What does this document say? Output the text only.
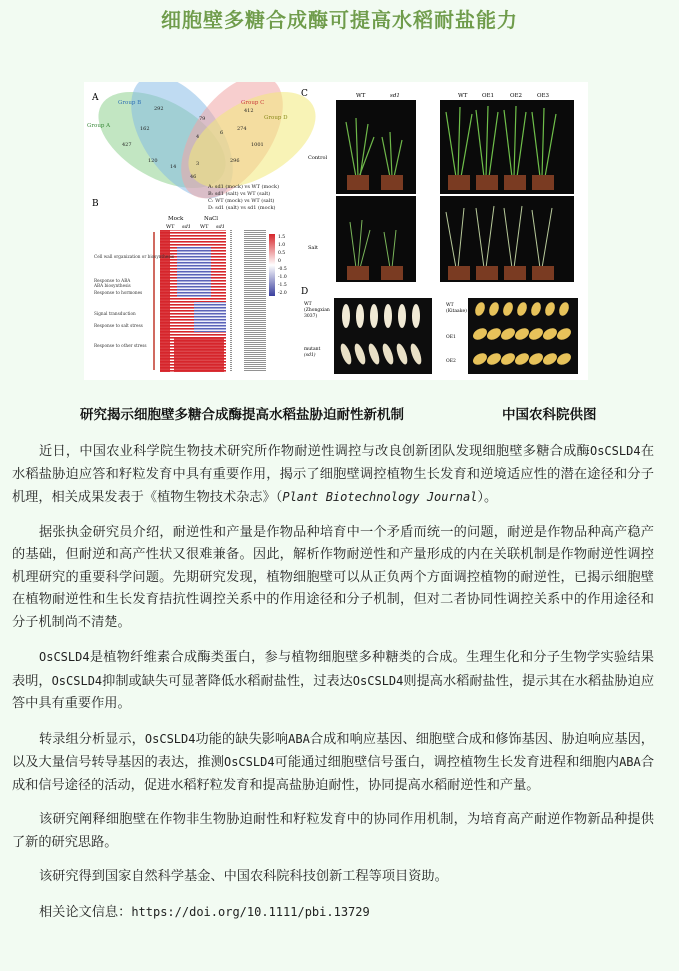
细胞壁多糖合成酶可提高水稻耐盐能力
A
Group A
Group B	Group C
Group D
292	412
162
79
274
427
6
1001
120
4
14	3	296
46
A: sd1 (mock) vs WT (mock)
B: sd1 (salt) vs WT (salt)
C: WT (mock) vs WT (salt)
D: sd1 (salt) vs sd1 (mock)
B
Mock	NaCl
WT sd1 WT sd1
Cell wall organization or biosynthesis
Response to ABA
ABA biosynthesis
Response to hormones
Signal transduction
Response to salt stress
Response to other stress
1.5
1.0
0.5
0
-0.5
-1.0
-1.5
-2.0
C	WT	sd1	WT	OE1	OE2	OE3
Control
Salt
D
WT
(Zhongxian
3037)
mutant
(sd1)
WT
(Kitaake)
OE1
OE2
研究揭示细胞壁多糖合成酶提高水稻盐胁迫耐性新机制	中国农科院供图

近日，中国农业科学院生物技术研究所作物耐逆性调控与改良创新团队发现细胞壁多糖合成酶OsCSLD4在水稻盐胁迫应答和籽粒发育中具有重要作用，揭示了细胞壁调控植物生长发育和逆境适应性的潜在途径和分子机理，相关成果发表于《植物生物技术杂志》（Plant Biotechnology Journal）。

据张执金研究员介绍，耐逆性和产量是作物品种培育中一个矛盾而统一的问题，耐逆是作物品种高产稳产的基础，但耐逆和高产性状又很难兼备。因此，解析作物耐逆性和产量形成的内在关联机制是作物耐逆性调控机理研究的重要科学问题。先期研究发现，植物细胞壁可以从正负两个方面调控植物的耐逆性，已揭示细胞壁在植物耐逆性和生长发育拮抗性调控关系中的作用途径和分子机制，但对二者协同性调控关系中的作用途径和分子机制尚不清楚。

OsCSLD4是植物纤维素合成酶类蛋白，参与植物细胞壁多种糖类的合成。生理生化和分子生物学实验结果表明，OsCSLD4抑制或缺失可显著降低水稻耐盐性，过表达OsCSLD4则提高水稻耐盐性，提示其在水稻盐胁迫应答中具有重要作用。

转录组分析显示，OsCSLD4功能的缺失影响ABA合成和响应基因、细胞壁合成和修饰基因、胁迫响应基因，以及大量信号转导基因的表达，推测OsCSLD4可能通过细胞壁信号蛋白，调控植物生长发育进程和细胞内ABA合成和信号途径的活动，促进水稻籽粒发育和提高盐胁迫耐性，协同提高水稻耐逆性和产量。

该研究阐释细胞壁在作物非生物胁迫耐性和籽粒发育中的协同作用机制，为培育高产耐逆作物新品种提供了新的研究思路。

该研究得到国家自然科学基金、中国农科院科技创新工程等项目资助。

相关论文信息：https://doi.org/10.1111/pbi.13729
